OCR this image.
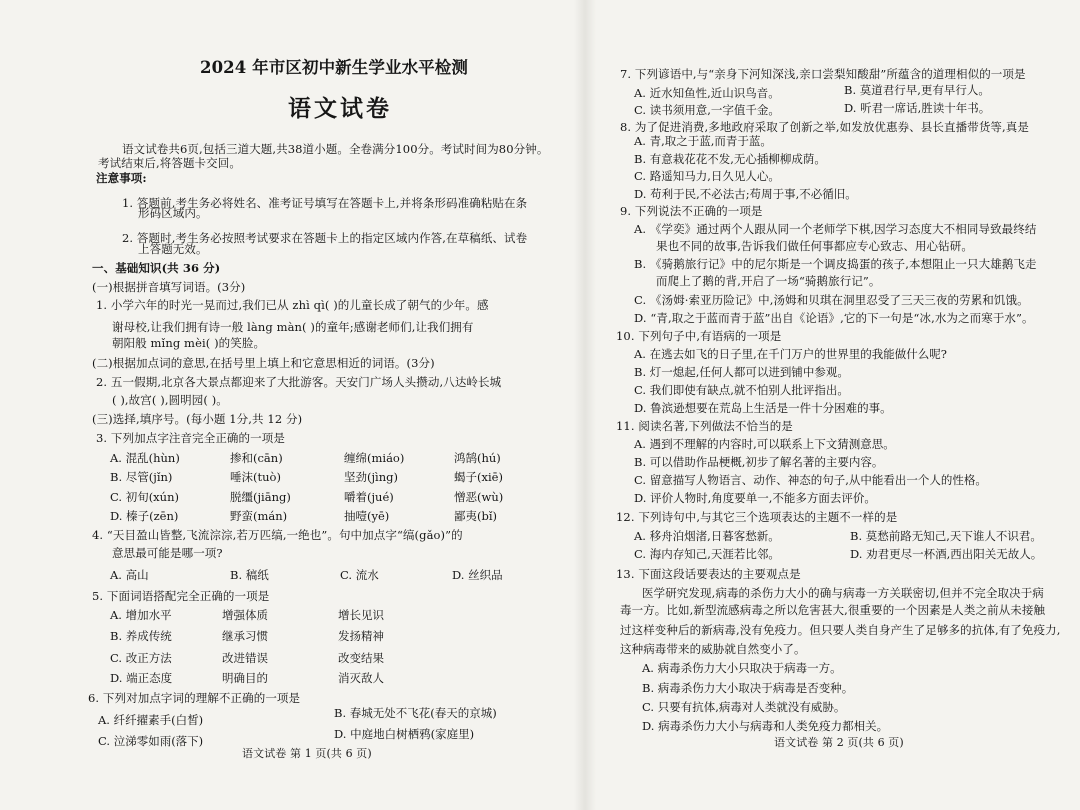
2024 年市区初中新生学业水平检测
语文试卷
语文试卷共6页,包括三道大题,共38道小题。全卷满分100分。考试时间为80分钟。
考试结束后,将答题卡交回。
注意事项:
1. 答题前,考生务必将姓名、准考证号填写在答题卡上,并将条形码准确粘贴在条
形码区域内。
2. 答题时,考生务必按照考试要求在答题卡上的指定区域内作答,在草稿纸、试卷
上答题无效。
一、基础知识(共 36 分)
(一)根据拼音填写词语。(3分)
1. 小学六年的时光一晃而过,我们已从 zhì qì( )的儿童长成了朝气的少年。感
谢母校,让我们拥有诗一般 làng màn( )的童年;感谢老师们,让我们拥有
朝阳般 mǐng mèi( )的笑脸。
(二)根据加点词的意思,在括号里上填上和它意思相近的词语。(3分)
2. 五一假期,北京各大景点都迎来了大批游客。天安门广场人头攒动,八达岭长城
( ),故宫( ),圆明园( )。
(三)选择,填序号。(每小题 1分,共 12 分)
3. 下列加点字注音完全正确的一项是
A. 混乱(hùn)	掺和(cān)	缠绵(miáo)	鸿鹄(hú)
B. 尽管(jǐn)	唾沫(tuò)	坚劲(jìng)	蝎子(xiē)
C. 初旬(xún)	脱缰(jiāng)	嚼着(jué)	憎恶(wù)
D. 榛子(zēn)	野蛮(mán)	抽噎(yē)	鄙夷(bǐ)
4. “天目盈山皆整,飞流淙淙,若万匹缟,一绝也”。句中加点字“缟(gǎo)”的
意思最可能是哪一项?
A. 高山	B. 稿纸	C. 流水	D. 丝织品
5. 下面词语搭配完全正确的一项是
A. 增加水平	增强体质	增长见识
B. 养成传统	继承习惯	发扬精神
C. 改正方法	改进错误	改变结果
D. 端正态度	明确目的	消灭敌人
6. 下列对加点字词的理解不正确的一项是
A. 纤纤擢素手(白皙)	B. 春城无处不飞花(春天的京城)
C. 泣涕零如雨(落下)	D. 中庭地白树栖鸦(家庭里)
语文试卷 第 1 页(共 6 页)
7. 下列谚语中,与“亲身下河知深浅,亲口尝梨知酸甜”所蕴含的道理相似的一项是
A. 近水知鱼性,近山识鸟音。	B. 莫道君行早,更有早行人。
C. 读书须用意,一字值千金。	D. 听君一席话,胜读十年书。
8. 为了促进消费,多地政府采取了创新之举,如发放优惠券、县长直播带货等,真是
A. 青,取之于蓝,而青于蓝。
B. 有意栽花花不发,无心插柳柳成荫。
C. 路遥知马力,日久见人心。
D. 苟利于民,不必法古;苟周于事,不必循旧。
9. 下列说法不正确的一项是
A. 《学奕》通过两个人跟从同一个老师学下棋,因学习态度大不相同导致最终结
果也不同的故事,告诉我们做任何事都应专心致志、用心钻研。
B. 《骑鹅旅行记》中的尼尔斯是一个调皮捣蛋的孩子,本想阻止一只大雄鹅飞走
而爬上了鹅的背,开启了一场“骑鹅旅行记”。
C. 《汤姆·索亚历险记》中,汤姆和贝琪在洞里忍受了三天三夜的劳累和饥饿。
D. “青,取之于蓝而青于蓝”出自《论语》,它的下一句是“冰,水为之而寒于水”。
10. 下列句子中,有语病的一项是
A. 在逃去如飞的日子里,在千门万户的世界里的我能做什么呢?
B. 灯一熄起,任何人都可以进到铺中参观。
C. 我们即使有缺点,就不怕别人批评指出。
D. 鲁滨逊想要在荒岛上生活是一件十分困难的事。
11. 阅读名著,下列做法不恰当的是
A. 遇到不理解的内容时,可以联系上下文猜测意思。
B. 可以借助作品梗概,初步了解名著的主要内容。
C. 留意描写人物语言、动作、神态的句子,从中能看出一个人的性格。
D. 评价人物时,角度要单一,不能多方面去评价。
12. 下列诗句中,与其它三个选项表达的主题不一样的是
A. 移舟泊烟渚,日暮客愁新。	B. 莫愁前路无知己,天下谁人不识君。
C. 海内存知己,天涯若比邻。	D. 劝君更尽一杯酒,西出阳关无故人。
13. 下面这段话要表达的主要观点是
医学研究发现,病毒的杀伤力大小的确与病毒一方关联密切,但并不完全取决于病
毒一方。比如,新型流感病毒之所以危害甚大,很重要的一个因素是人类之前从未接触
过这样变种后的新病毒,没有免疫力。但只要人类自身产生了足够多的抗体,有了免疫力,
这种病毒带来的威胁就自然变小了。
A. 病毒杀伤力大小只取决于病毒一方。
B. 病毒杀伤力大小取决于病毒是否变种。
C. 只要有抗体,病毒对人类就没有威胁。
D. 病毒杀伤力大小与病毒和人类免疫力都相关。
语文试卷 第 2 页(共 6 页)
